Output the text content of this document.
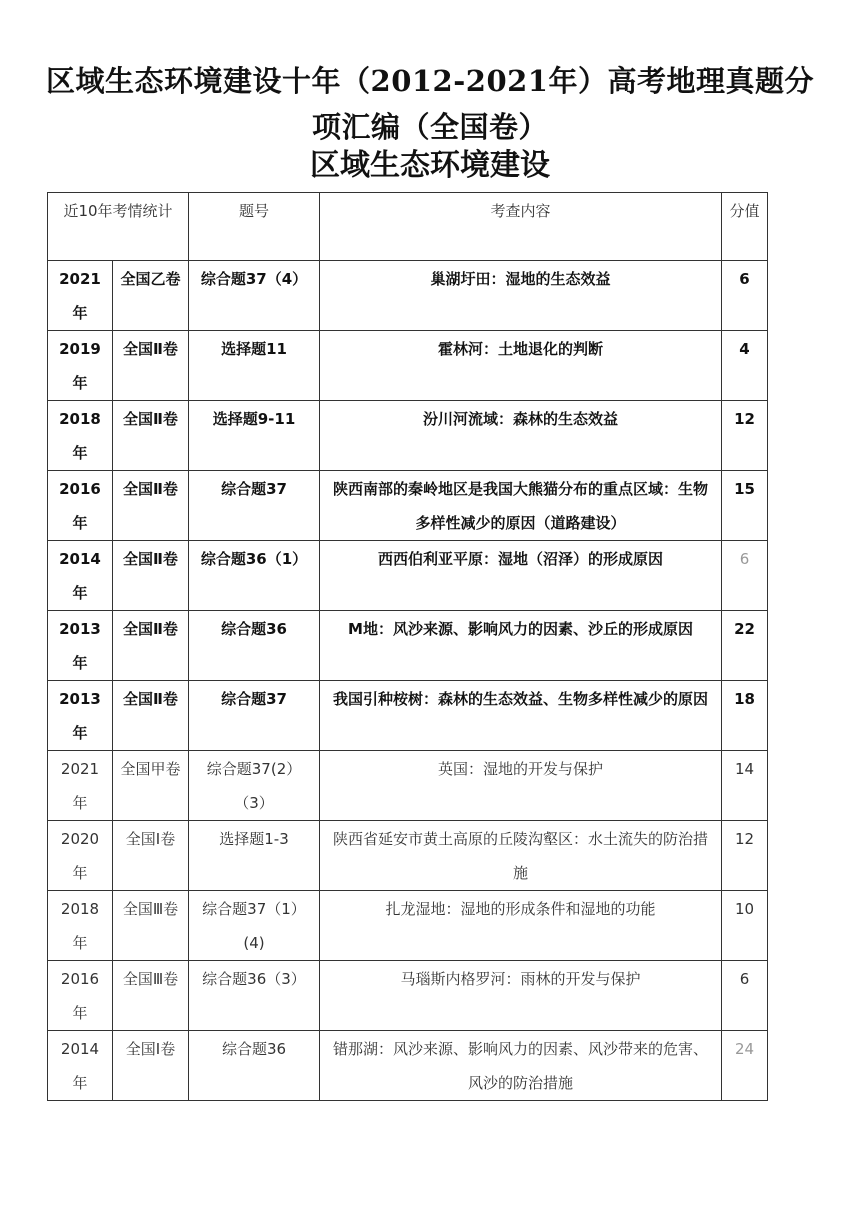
区域生态环境建设十年（2012-2021年）高考地理真题分项汇编（全国卷）
区域生态环境建设
近10年考情统计		题号	考查内容	分值
2021年	全国乙卷	综合题37（4）	巢湖圩田：湿地的生态效益	6
2019年	全国Ⅱ卷	选择题11	霍林河：土地退化的判断	4
2018年	全国Ⅱ卷	选择题9-11	汾川河流域：森林的生态效益	12
2016年	全国Ⅱ卷	综合题37	陕西南部的秦岭地区是我国大熊猫分布的重点区域：生物多样性减少的原因（道路建设）	15
2014年	全国Ⅱ卷	综合题36（1）	西西伯利亚平原：湿地（沼泽）的形成原因	6
2013年	全国Ⅱ卷	综合题36	M地：风沙来源、影响风力的因素、沙丘的形成原因	22
2013年	全国Ⅱ卷	综合题37	我国引种桉树：森林的生态效益、生物多样性减少的原因	18
2021年	全国甲卷	综合题37(2）（3）	英国：湿地的开发与保护	14
2020年	全国Ⅰ卷	选择题1-3	陕西省延安市黄土高原的丘陵沟壑区：水土流失的防治措施	12
2018年	全国Ⅲ卷	综合题37（1）(4)	扎龙湿地：湿地的形成条件和湿地的功能	10
2016年	全国Ⅲ卷	综合题36（3）	马瑙斯内格罗河：雨林的开发与保护	6
2014年	全国Ⅰ卷	综合题36	错那湖：风沙来源、影响风力的因素、风沙带来的危害、风沙的防治措施	24
